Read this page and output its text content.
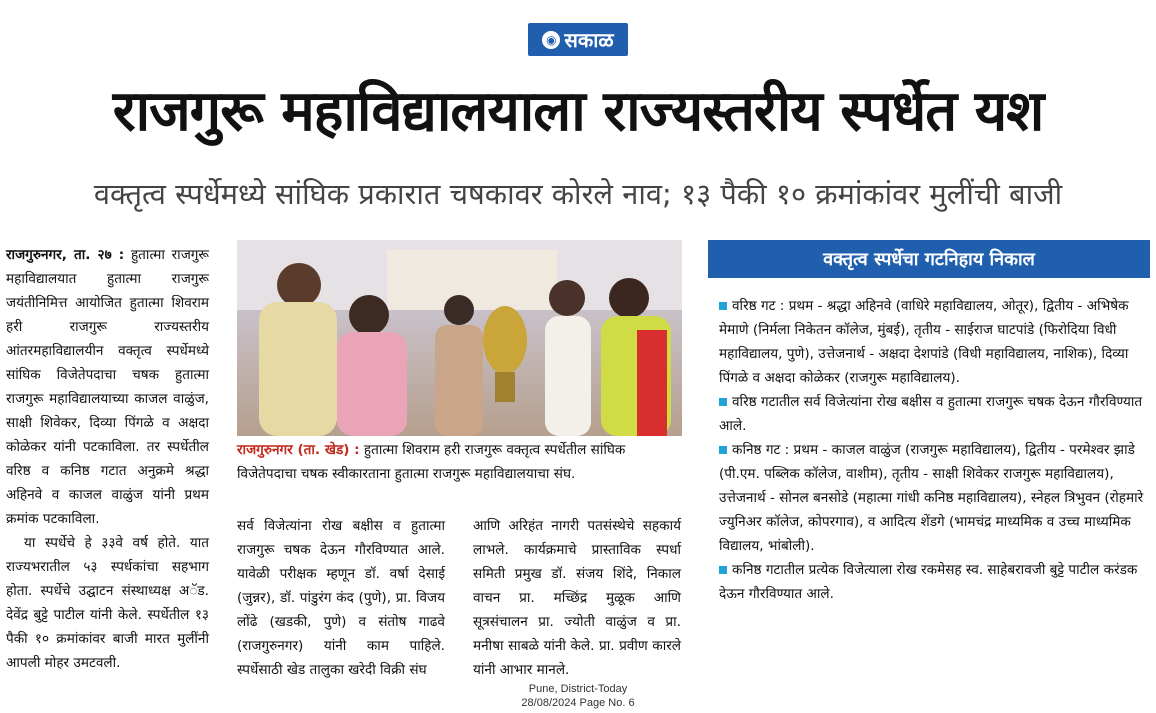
◉ सकाळ
राजगुरू महाविद्यालयाला राज्यस्तरीय स्पर्धेत यश
वक्तृत्व स्पर्धेमध्ये सांघिक प्रकारात चषकावर कोरले नाव; १३ पैकी १० क्रमांकांवर मुलींची बाजी

राजगुरुनगर, ता. २७ : हुतात्मा राजगुरू महाविद्यालयात हुतात्मा राजगुरू जयंतीनिमित्त आयोजित हुतात्मा शिवराम हरी राजगुरू राज्यस्तरीय आंतरमहाविद्यालयीन वक्तृत्व स्पर्धेमध्ये सांघिक विजेतेपदाचा चषक हुतात्मा राजगुरू महाविद्यालयाच्या काजल वाळुंज, साक्षी शिवेकर, दिव्या पिंगळे व अक्षदा कोळेकर यांनी पटकाविला. तर स्पर्धेतील वरिष्ठ व कनिष्ठ गटात अनुक्रमे श्रद्धा अहिनवे व काजल वाळुंज यांनी प्रथम क्रमांक पटकाविला.

या स्पर्धेचे हे ३३वे वर्ष होते. यात राज्यभरातील ५३ स्पर्धकांचा सहभाग होता. स्पर्धेचे उद्घाटन संस्थाध्यक्ष अॅड. देवेंद्र बुट्टे पाटील यांनी केले. स्पर्धेतील १३ पैकी १० क्रमांकांवर बाजी मारत मुलींनी आपली मोहर उमटवली.

राजगुरुनगर (ता. खेड) : हुतात्मा शिवराम हरी राजगुरू वक्तृत्व स्पर्धेतील सांघिक विजेतेपदाचा चषक स्वीकारताना हुतात्मा राजगुरू महाविद्यालयाचा संघ.
सर्व विजेत्यांना रोख बक्षीस व हुतात्मा राजगुरू चषक देऊन गौरविण्यात आले. यावेळी परीक्षक म्हणून डॉ. वर्षा देसाई (जुन्नर), डॉ. पांडुरंग कंद (पुणे), प्रा. विजय लोंढे (खडकी, पुणे) व संतोष गाढवे (राजगुरुनगर) यांनी काम पाहिले. स्पर्धेसाठी खेड तालुका खरेदी विक्री संघ
आणि अरिहंत नागरी पतसंस्थेचे सहकार्य लाभले. कार्यक्रमाचे प्रास्ताविक स्पर्धा समिती प्रमुख डॉ. संजय शिंदे, निकाल वाचन प्रा. मच्छिंद्र मुळूक आणि सूत्रसंचालन प्रा. ज्योती वाळुंज व प्रा. मनीषा साबळे यांनी केले. प्रा. प्रवीण कारले यांनी आभार मानले.
वक्तृत्व स्पर्धेचा गटनिहाय निकाल

वरिष्ठ गट : प्रथम - श्रद्धा अहिनवे (वाधिरे महाविद्यालय, ओतूर), द्वितीय - अभिषेक मेमाणे (निर्मला निकेतन कॉलेज, मुंबई), तृतीय - साईराज घाटपांडे (फिरोदिया विधी महाविद्यालय, पुणे), उत्तेजनार्थ - अक्षदा देशपांडे (विधी महाविद्यालय, नाशिक), दिव्या पिंगळे व अक्षदा कोळेकर (राजगुरू महाविद्यालय).

वरिष्ठ गटातील सर्व विजेत्यांना रोख बक्षीस व हुतात्मा राजगुरू चषक देऊन गौरविण्यात आले.

कनिष्ठ गट : प्रथम - काजल वाळुंज (राजगुरू महाविद्यालय), द्वितीय - परमेश्वर झाडे (पी.एम. पब्लिक कॉलेज, वाशीम), तृतीय - साक्षी शिवेकर राजगुरू महाविद्यालय), उत्तेजनार्थ - सोनल बनसोडे (महात्मा गांधी कनिष्ठ महाविद्यालय), स्नेहल त्रिभुवन (रोहमारे ज्युनिअर कॉलेज, कोपरगाव), व आदित्य शेंडगे (भामचंद्र माध्यमिक व उच्च माध्यमिक विद्यालय, भांबोली).

कनिष्ठ गटातील प्रत्येक विजेत्याला रोख रकमेसह स्व. साहेबरावजी बुट्टे पाटील करंडक देऊन गौरविण्यात आले.

Pune, District-Today
28/08/2024 Page No. 6
